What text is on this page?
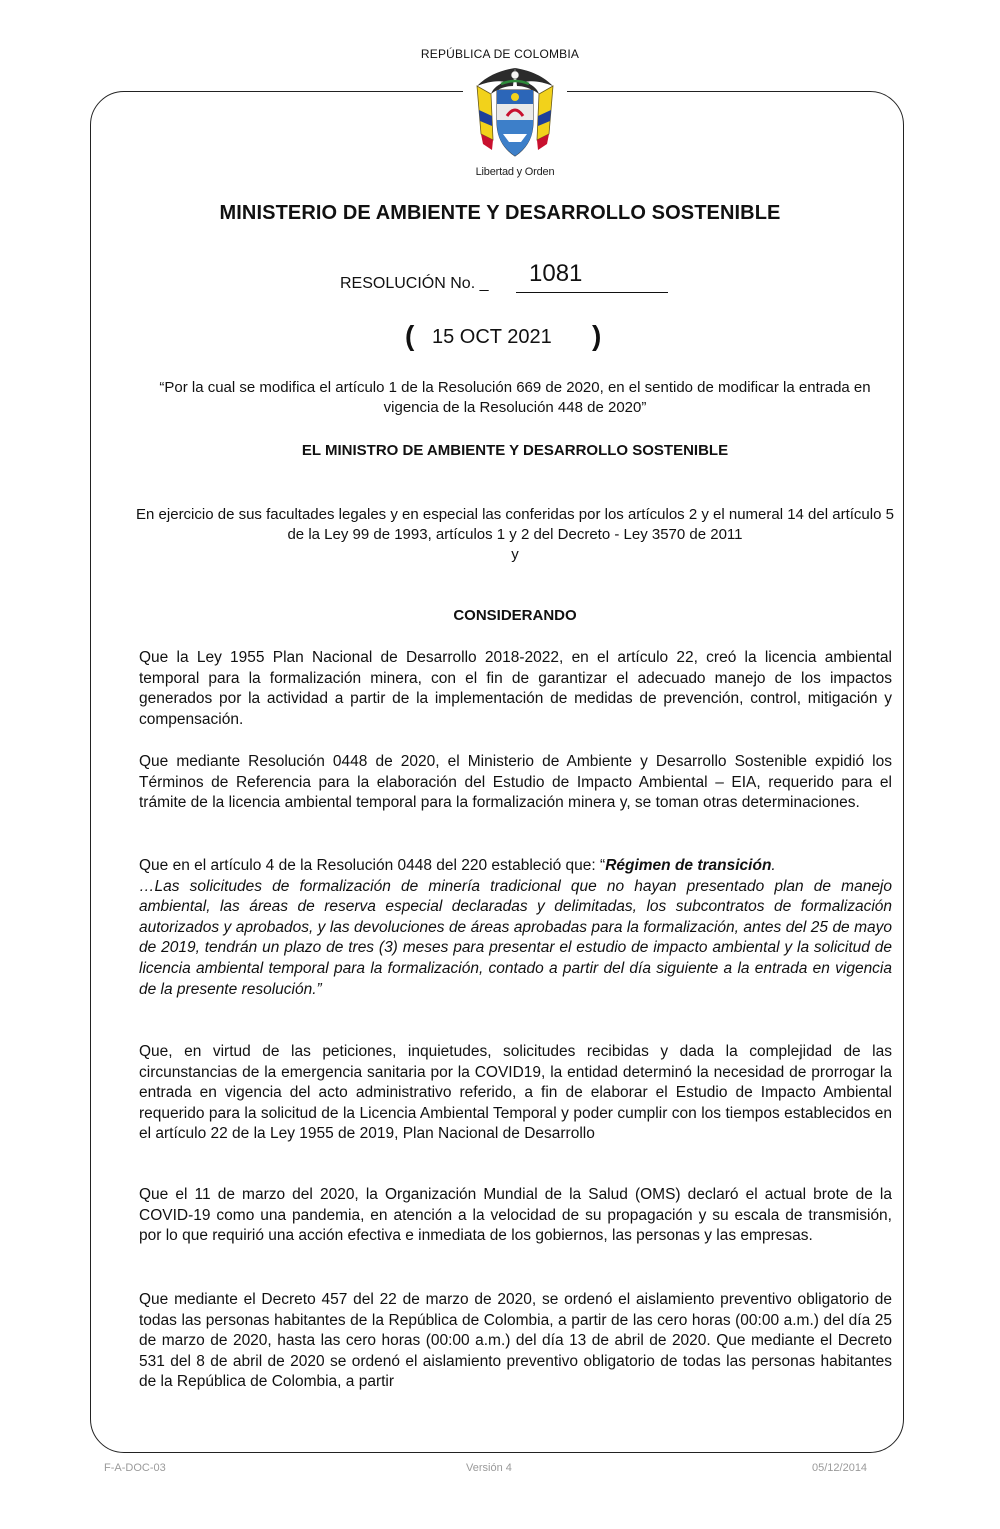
REPÚBLICA DE COLOMBIA
Libertad y Orden
MINISTERIO DE AMBIENTE Y DESARROLLO SOSTENIBLE
RESOLUCIÓN No. _ 1081
( 15 OCT 2021 )
“Por la cual se modifica el artículo 1 de la Resolución 669 de 2020, en el sentido de modificar la entrada en vigencia de la Resolución 448 de 2020”
EL MINISTRO DE AMBIENTE Y DESARROLLO SOSTENIBLE
En ejercicio de sus facultades legales y en especial las conferidas por los artículos 2 y el numeral 14 del artículo 5 de la Ley 99 de 1993, artículos 1 y 2 del Decreto - Ley 3570 de 2011
y
CONSIDERANDO
Que la Ley 1955 Plan Nacional de Desarrollo 2018-2022, en el artículo 22, creó la licencia ambiental temporal para la formalización minera, con el fin de garantizar el adecuado manejo de los impactos generados por la actividad a partir de la implementación de medidas de prevención, control, mitigación y compensación.
Que mediante Resolución 0448 de 2020, el Ministerio de Ambiente y Desarrollo Sostenible expidió los Términos de Referencia para la elaboración del Estudio de Impacto Ambiental – EIA, requerido para el trámite de la licencia ambiental temporal para la formalización minera y, se toman otras determinaciones.
Que en el artículo 4 de la Resolución 0448 del 220 estableció que: “Régimen de transición.
…Las solicitudes de formalización de minería tradicional que no hayan presentado plan de manejo ambiental, las áreas de reserva especial declaradas y delimitadas, los subcontratos de formalización autorizados y aprobados, y las devoluciones de áreas aprobadas para la formalización, antes del 25 de mayo de 2019, tendrán un plazo de tres (3) meses para presentar el estudio de impacto ambiental y la solicitud de licencia ambiental temporal para la formalización, contado a partir del día siguiente a la entrada en vigencia de la presente resolución.”
Que, en virtud de las peticiones, inquietudes, solicitudes recibidas y dada la complejidad de las circunstancias de la emergencia sanitaria por la COVID19, la entidad determinó la necesidad de prorrogar la entrada en vigencia del acto administrativo referido, a fin de elaborar el Estudio de Impacto Ambiental requerido para la solicitud de la Licencia Ambiental Temporal y poder cumplir con los tiempos establecidos en el artículo 22 de la Ley 1955 de 2019, Plan Nacional de Desarrollo
Que el 11 de marzo del 2020, la Organización Mundial de la Salud (OMS) declaró el actual brote de la COVID-19 como una pandemia, en atención a la velocidad de su propagación y su escala de transmisión, por lo que requirió una acción efectiva e inmediata de los gobiernos, las personas y las empresas.
Que mediante el Decreto 457 del 22 de marzo de 2020, se ordenó el aislamiento preventivo obligatorio de todas las personas habitantes de la República de Colombia, a partir de las cero horas (00:00 a.m.) del día 25 de marzo de 2020, hasta las cero horas (00:00 a.m.) del día 13 de abril de 2020. Que mediante el Decreto 531 del 8 de abril de 2020 se ordenó el aislamiento preventivo obligatorio de todas las personas habitantes de la República de Colombia, a partir
F-A-DOC-03	Versión 4	05/12/2014
